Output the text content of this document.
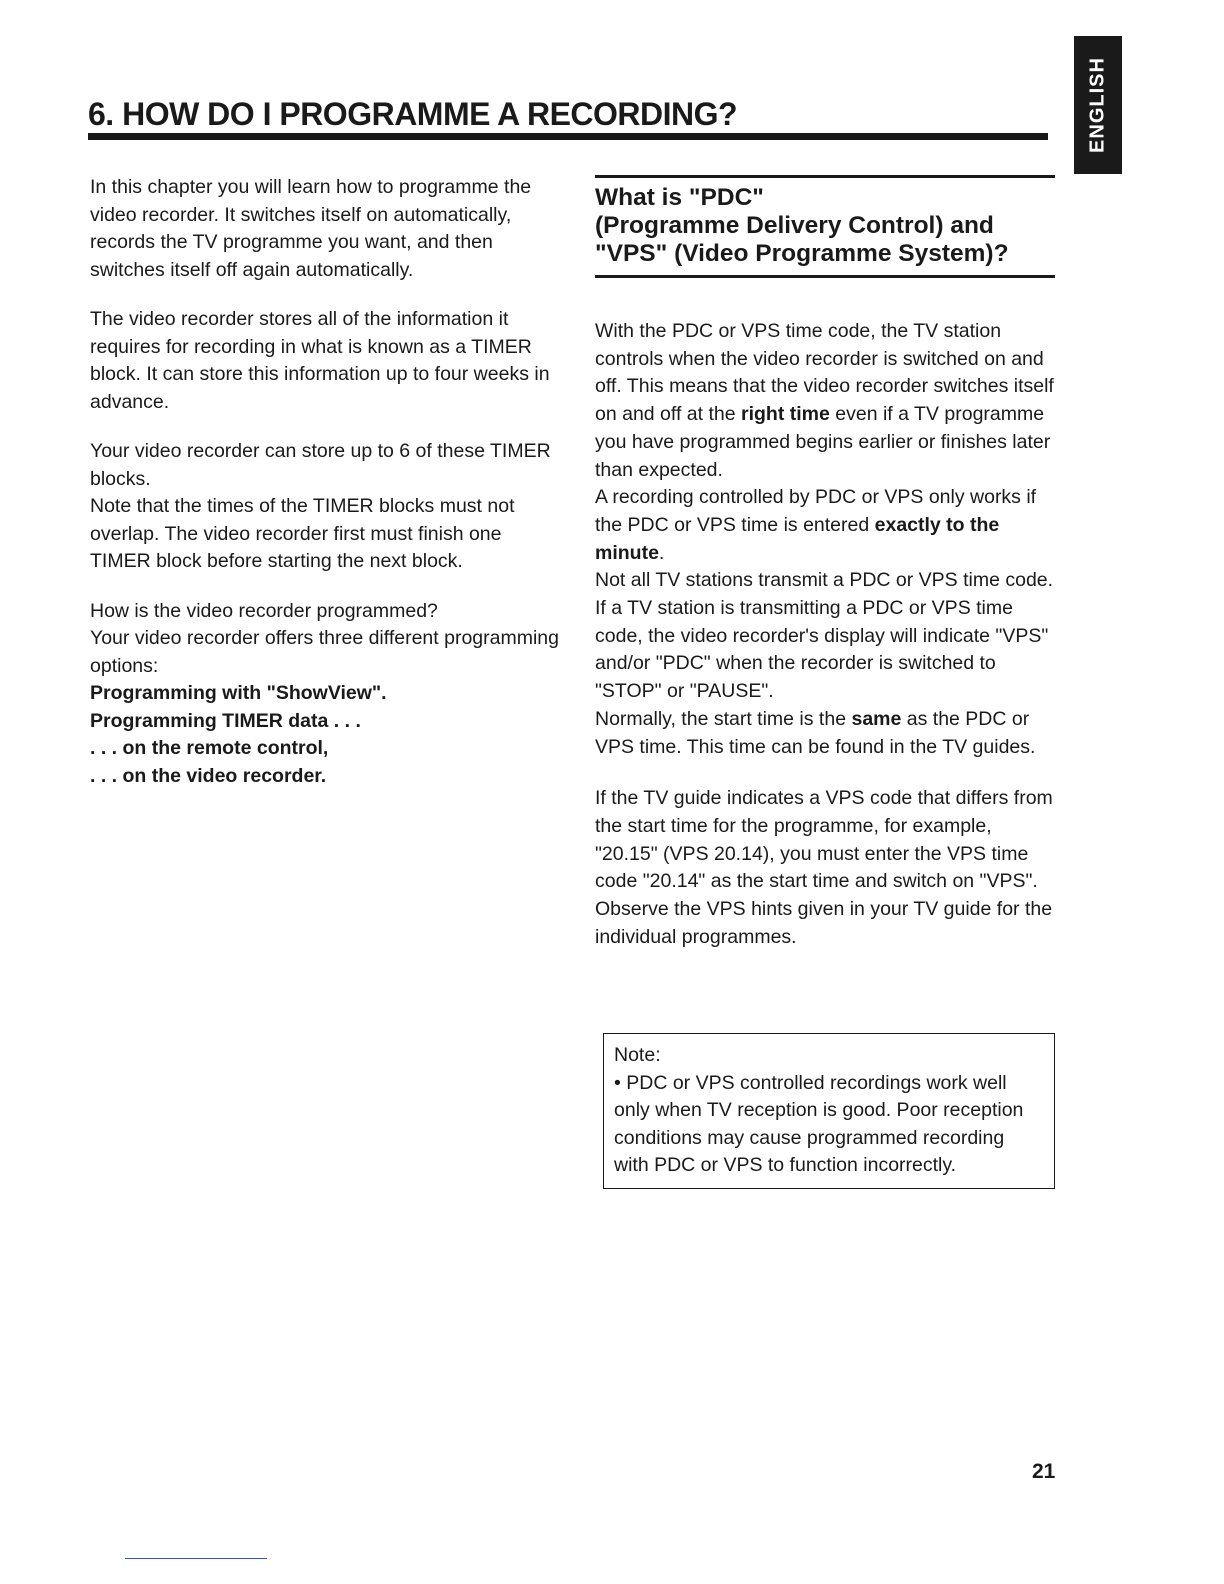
ENGLISH
6. HOW DO I PROGRAMME A RECORDING?

In this chapter you will learn how to programme the video recorder. It switches itself on automatically, records the TV programme you want, and then switches itself off again automatically.

The video recorder stores all of the information it requires for recording in what is known as a TIMER block. It can store this information up to four weeks in advance.

Your video recorder can store up to 6 of these TIMER blocks.

Note that the times of the TIMER blocks must not overlap. The video recorder first must finish one TIMER block before starting the next block.

How is the video recorder programmed?

Your video recorder offers three different programming options:

Programming with "ShowView".

Programming TIMER data . . .

. . . on the remote control,

. . . on the video recorder.

What is "PDC"
(Programme Delivery Control) and
"VPS" (Video Programme System)?

With the PDC or VPS time code, the TV station controls when the video recorder is switched on and off. This means that the video recorder switches itself on and off at the right time even if a TV programme you have programmed begins earlier or finishes later than expected.

A recording controlled by PDC or VPS only works if the PDC or VPS time is entered exactly to the minute.

Not all TV stations transmit a PDC or VPS time code.

If a TV station is transmitting a PDC or VPS time code, the video recorder's display will indicate "VPS" and/or "PDC" when the recorder is switched to "STOP" or "PAUSE".

Normally, the start time is the same as the PDC or VPS time. This time can be found in the TV guides.

If the TV guide indicates a VPS code that differs from the start time for the programme, for example, "20.15" (VPS 20.14), you must enter the VPS time code "20.14" as the start time and switch on "VPS". Observe the VPS hints given in your TV guide for the individual programmes.

Note:

• PDC or VPS controlled recordings work well only when TV reception is good. Poor reception conditions may cause programmed recording with PDC or VPS to function incorrectly.

21
